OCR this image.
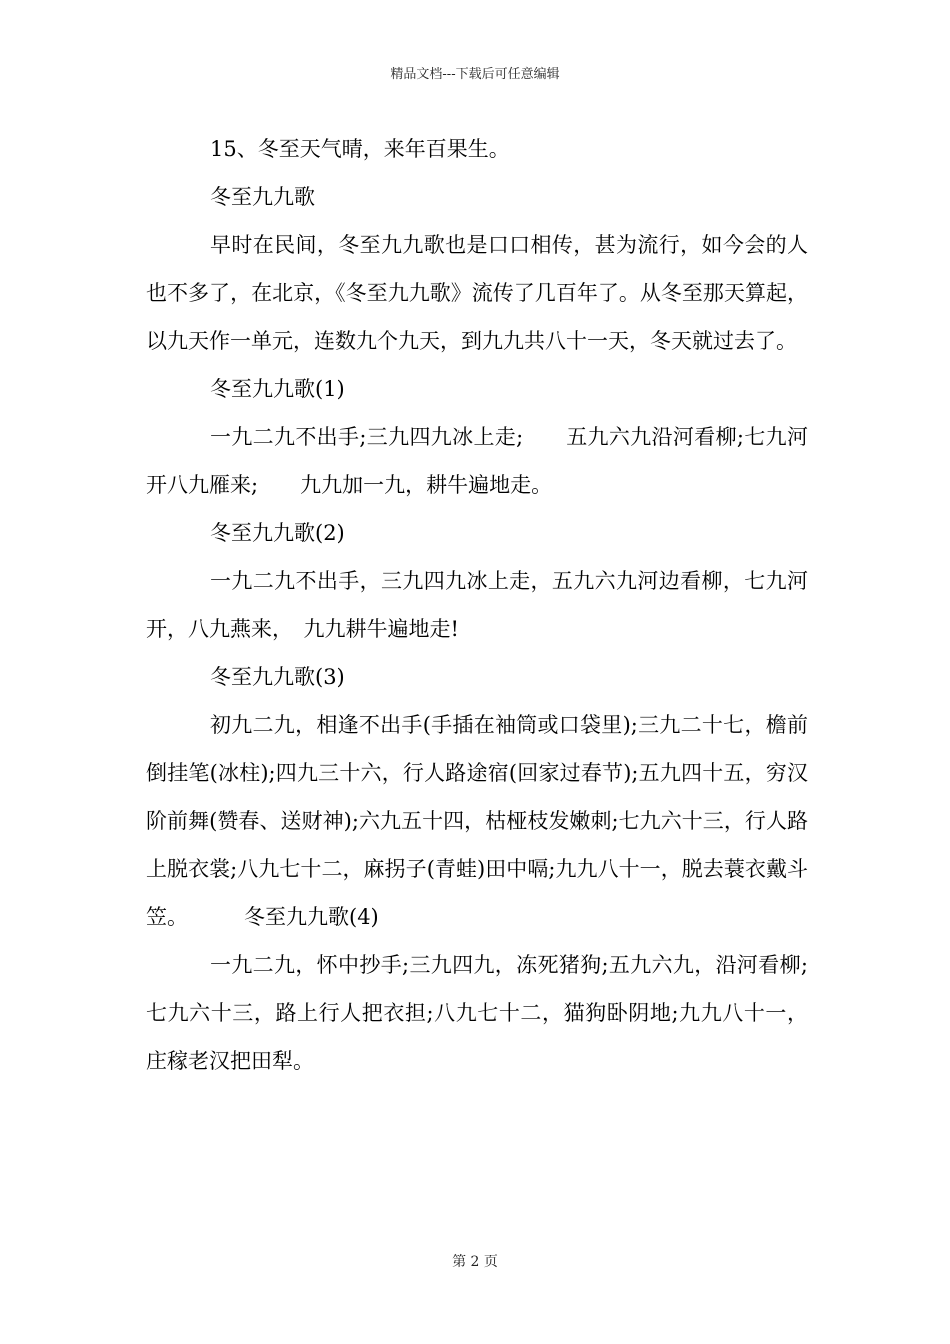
精品文档---下载后可任意编辑

15、冬至天气晴，来年百果生。

冬至九九歌

早时在民间，冬至九九歌也是口口相传，甚为流行，如今会的人也不多了，在北京，《冬至九九歌》流传了几百年了。从冬至那天算起，以九天作一单元，连数九个九天，到九九共八十一天，冬天就过去了。

冬至九九歌(1)

一九二九不出手;三九四九冰上走;　　五九六九沿河看柳;七九河开八九雁来;　　九九加一九，耕牛遍地走。

冬至九九歌(2)

一九二九不出手，三九四九冰上走，五九六九河边看柳，七九河开，八九燕来，　九九耕牛遍地走!

冬至九九歌(3)

初九二九，相逢不出手(手插在袖筒或口袋里);三九二十七，檐前倒挂笔(冰柱);四九三十六，行人路途宿(回家过春节);五九四十五，穷汉阶前舞(赞春、送财神);六九五十四，枯桠枝发嫩刺;七九六十三，行人路上脱衣裳;八九七十二，麻拐子(青蛙)田中嗝;九九八十一，脱去蓑衣戴斗笠。	冬至九九歌(4)

一九二九，怀中抄手;三九四九，冻死猪狗;五九六九，沿河看柳;七九六十三，路上行人把衣担;八九七十二，猫狗卧阴地;九九八十一，庄稼老汉把田犁。

第 2 页
